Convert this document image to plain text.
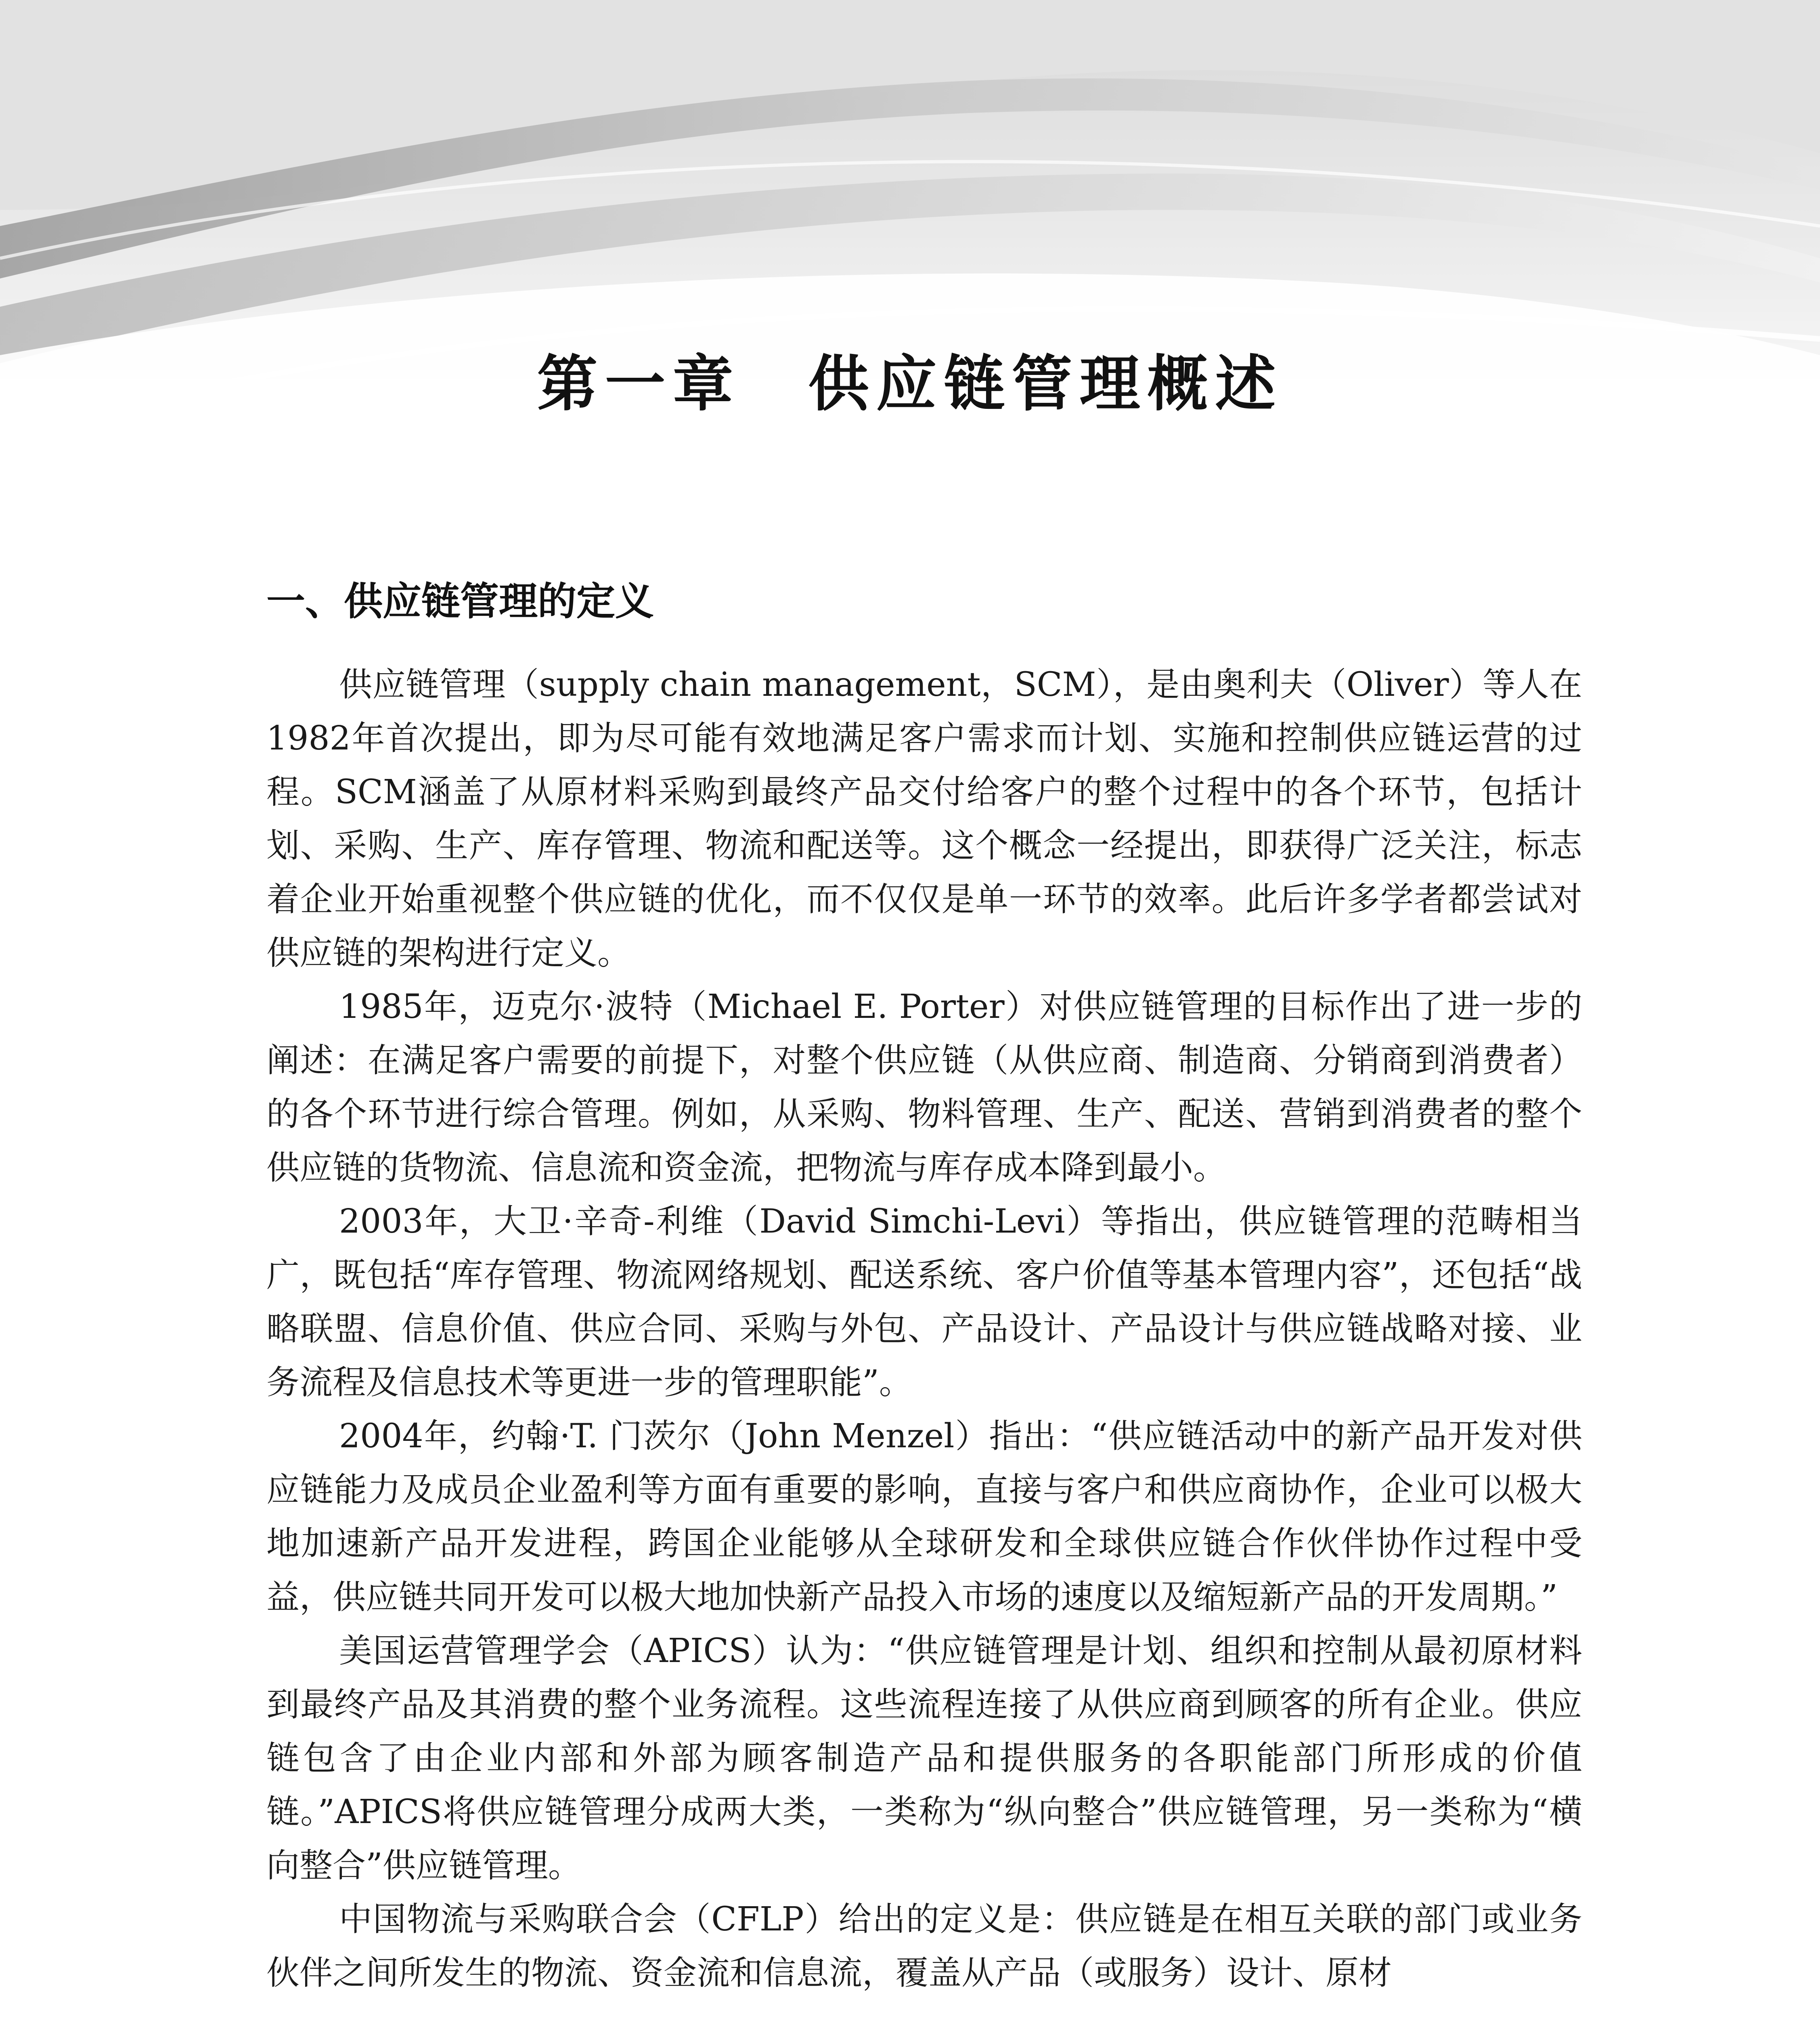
第一章　供应链管理概述
一、供应链管理的定义

供应链管理（supply chain management，SCM），是由奥利夫（Oliver）等人在1982年首次提出，即为尽可能有效地满足客户需求而计划、实施和控制供应链运营的过程。SCM涵盖了从原材料采购到最终产品交付给客户的整个过程中的各个环节，包括计划、采购、生产、库存管理、物流和配送等。这个概念一经提出，即获得广泛关注，标志着企业开始重视整个供应链的优化，而不仅仅是单一环节的效率。此后许多学者都尝试对供应链的架构进行定义。

1985年，迈克尔·波特（Michael E. Porter）对供应链管理的目标作出了进一步的阐述：在满足客户需要的前提下，对整个供应链（从供应商、制造商、分销商到消费者）的各个环节进行综合管理。例如，从采购、物料管理、生产、配送、营销到消费者的整个供应链的货物流、信息流和资金流，把物流与库存成本降到最小。

2003年，大卫·辛奇-利维（David Simchi-Levi）等指出，供应链管理的范畴相当广，既包括“库存管理、物流网络规划、配送系统、客户价值等基本管理内容”，还包括“战略联盟、信息价值、供应合同、采购与外包、产品设计、产品设计与供应链战略对接、业务流程及信息技术等更进一步的管理职能”。

2004年，约翰·T. 门茨尔（John Menzel）指出：“供应链活动中的新产品开发对供应链能力及成员企业盈利等方面有重要的影响，直接与客户和供应商协作，企业可以极大地加速新产品开发进程，跨国企业能够从全球研发和全球供应链合作伙伴协作过程中受益，供应链共同开发可以极大地加快新产品投入市场的速度以及缩短新产品的开发周期。”

美国运营管理学会（APICS）认为：“供应链管理是计划、组织和控制从最初原材料到最终产品及其消费的整个业务流程。这些流程连接了从供应商到顾客的所有企业。供应链包含了由企业内部和外部为顾客制造产品和提供服务的各职能部门所形成的价值链。”APICS将供应链管理分成两大类，一类称为“纵向整合”供应链管理，另一类称为“横向整合”供应链管理。

中国物流与采购联合会（CFLP）给出的定义是：供应链是在相互关联的部门或业务伙伴之间所发生的物流、资金流和信息流，覆盖从产品（或服务）设计、原材
